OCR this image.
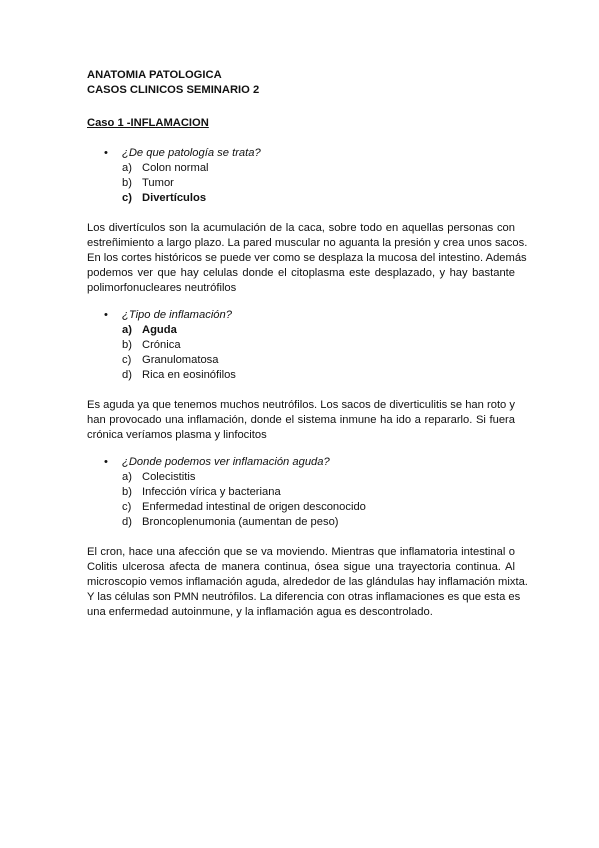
ANATOMIA PATOLOGICA

CASOS CLINICOS SEMINARIO 2

Caso 1 -INFLAMACION

• ¿De que patología se trata?

a) Colon normal
b) Tumor
c) Divertículos
Los divertículos son la acumulación de la caca, sobre todo en aquellas personas con
estreñimiento a largo plazo. La pared muscular no aguanta la presión y crea unos sacos.
En los cortes históricos se puede ver como se desplaza la mucosa del intestino. Además
podemos ver que hay celulas donde el citoplasma este desplazado, y hay bastante
polimorfonucleares neutrófilos

• ¿Tipo de inflamación?

a) Aguda
b) Crónica
c) Granulomatosa
d) Rica en eosinófilos
Es aguda ya que tenemos muchos neutrófilos. Los sacos de diverticulitis se han roto y
han provocado una inflamación, donde el sistema inmune ha ido a repararlo. Si fuera
crónica veríamos plasma y linfocitos

• ¿Donde podemos ver inflamación aguda?

a) Colecistitis
b) Infección vírica y bacteriana
c) Enfermedad intestinal de origen desconocido
d) Broncoplenumonia (aumentan de peso)
El cron, hace una afección que se va moviendo. Mientras que inflamatoria intestinal o
Colitis ulcerosa afecta de manera continua, ósea sigue una trayectoria continua. Al
microscopio vemos inflamación aguda, alrededor de las glándulas hay inflamación mixta.
Y las células son PMN neutrófilos. La diferencia con otras inflamaciones es que esta es
una enfermedad autoinmune, y la inflamación agua es descontrolado.
